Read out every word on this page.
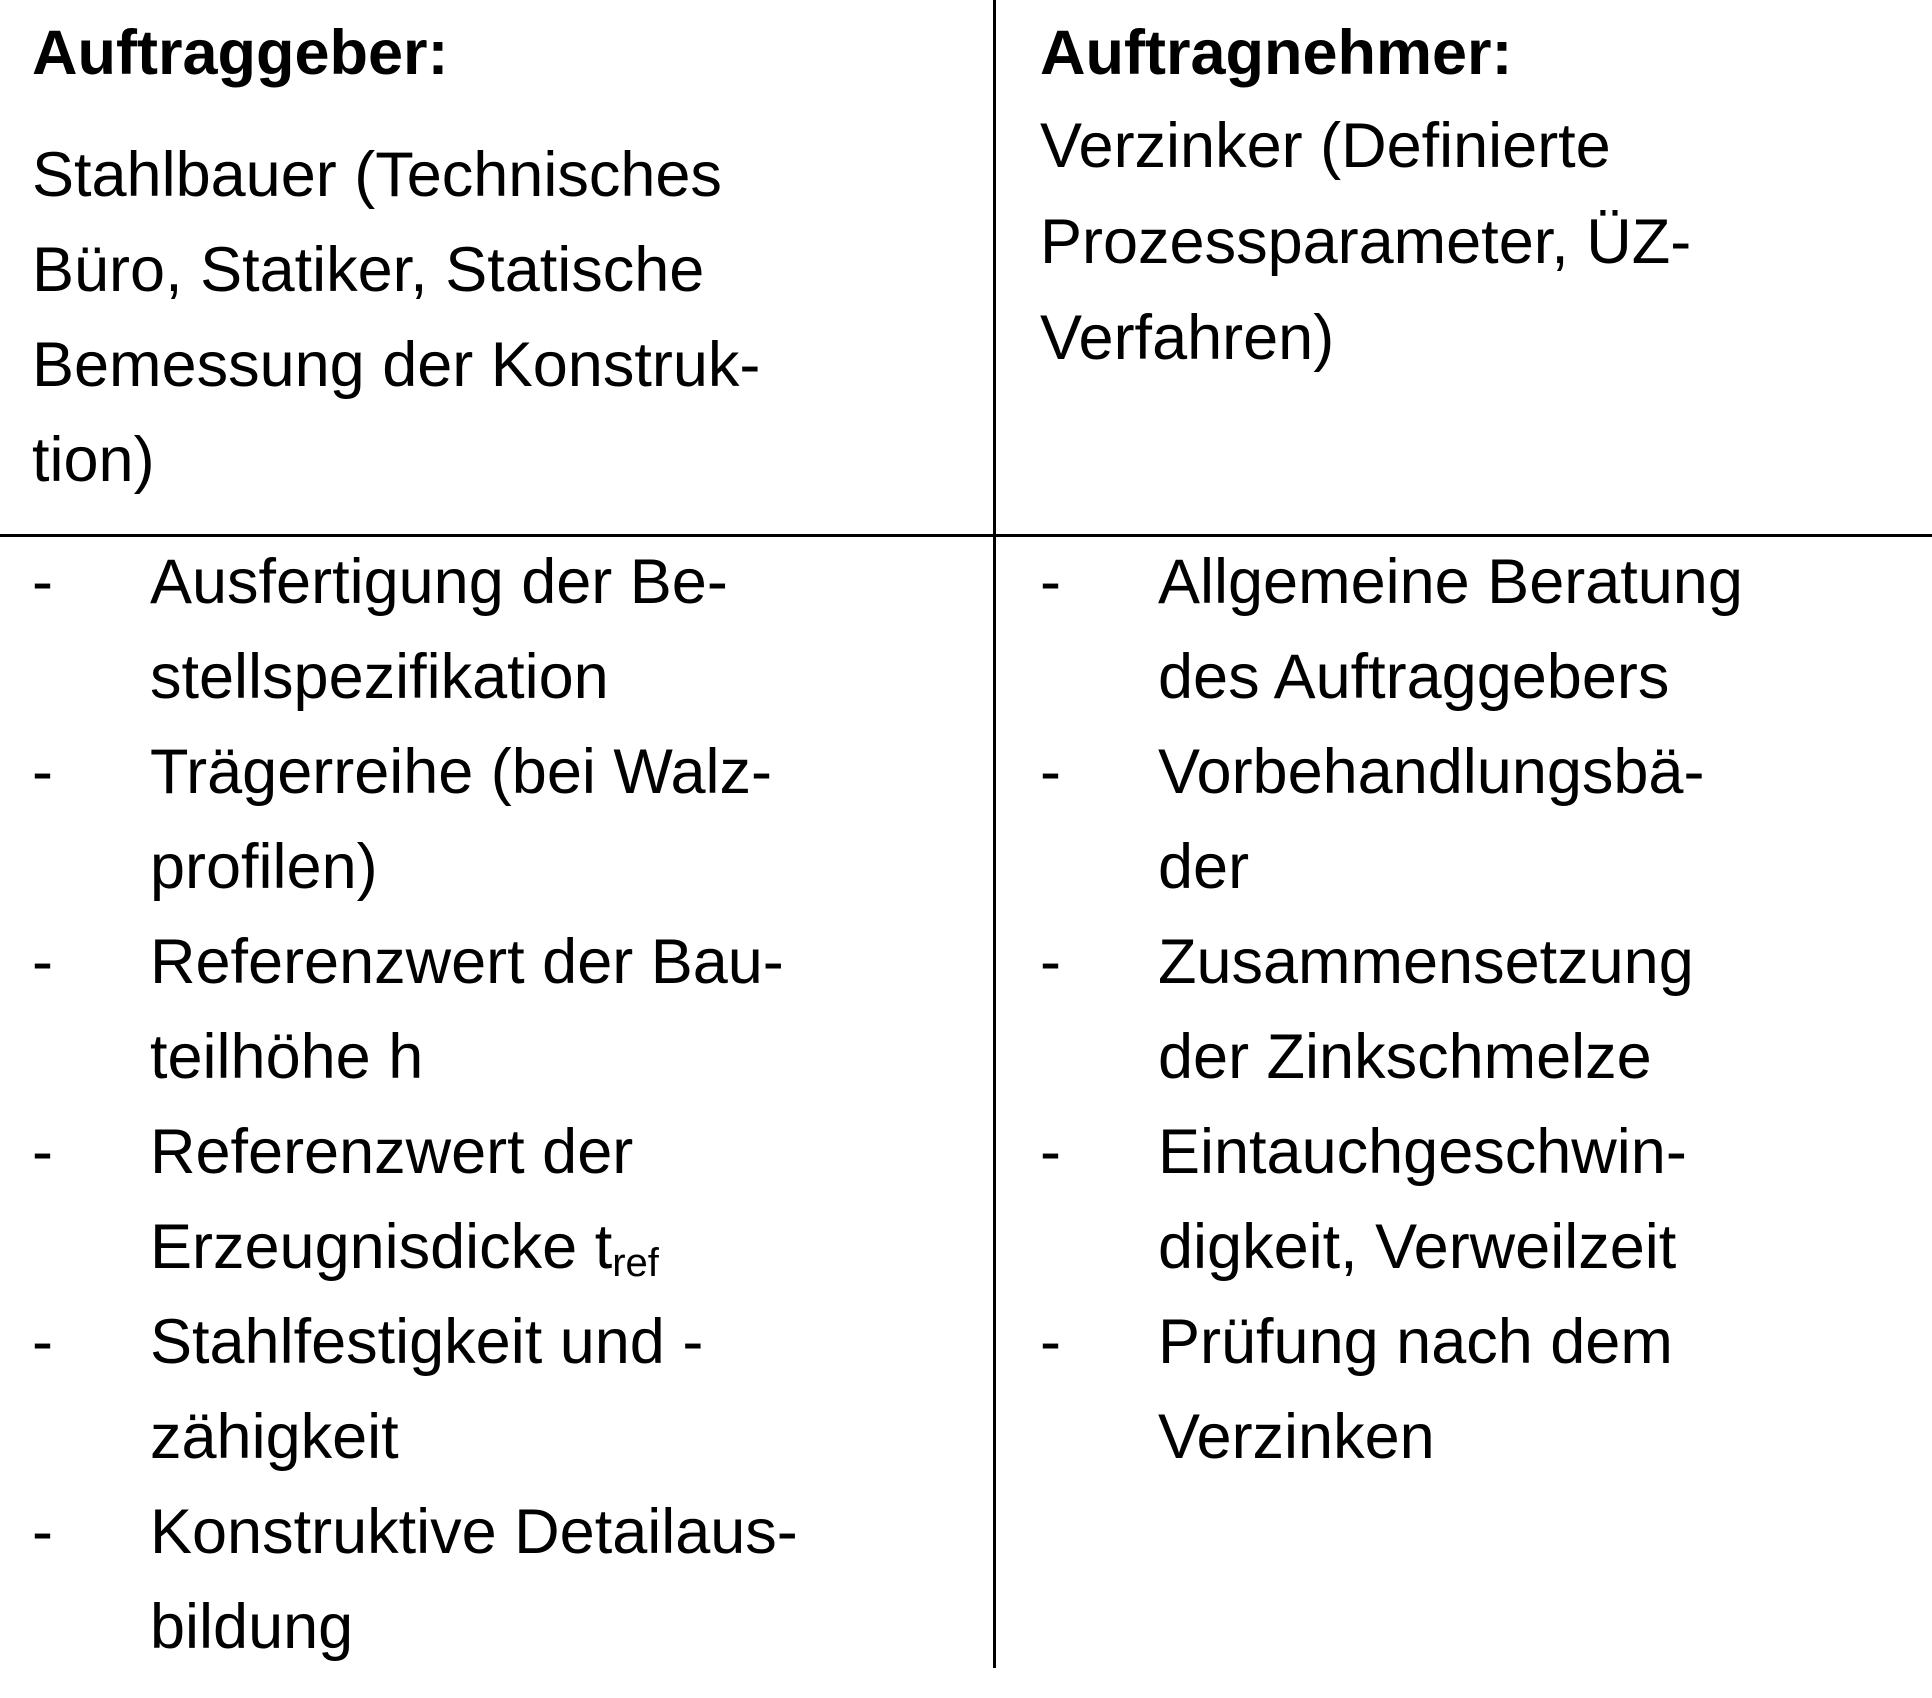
Auftraggeber:
Stahlbauer (Technisches
Büro, Statiker, Statische
Bemessung der Konstruk-
tion)
Auftragnehmer:
Verzinker (Definierte
Prozessparameter, ÜZ-
Verfahren)
- Ausfertigung der Be-
stellspezifikation
- Trägerreihe (bei Walz-
profilen)
- Referenzwert der Bau-
teilhöhe h
- Referenzwert der
Erzeugnisdicke $t_{ref}$
- Stahlfestigkeit und -
zähigkeit
- Konstruktive Detailaus-
bildung
- Allgemeine Beratung
des Auftraggebers
- Vorbehandlungsbä-
der
- Zusammensetzung
der Zinkschmelze
- Eintauchgeschwin-
digkeit, Verweilzeit
- Prüfung nach dem
Verzinken
